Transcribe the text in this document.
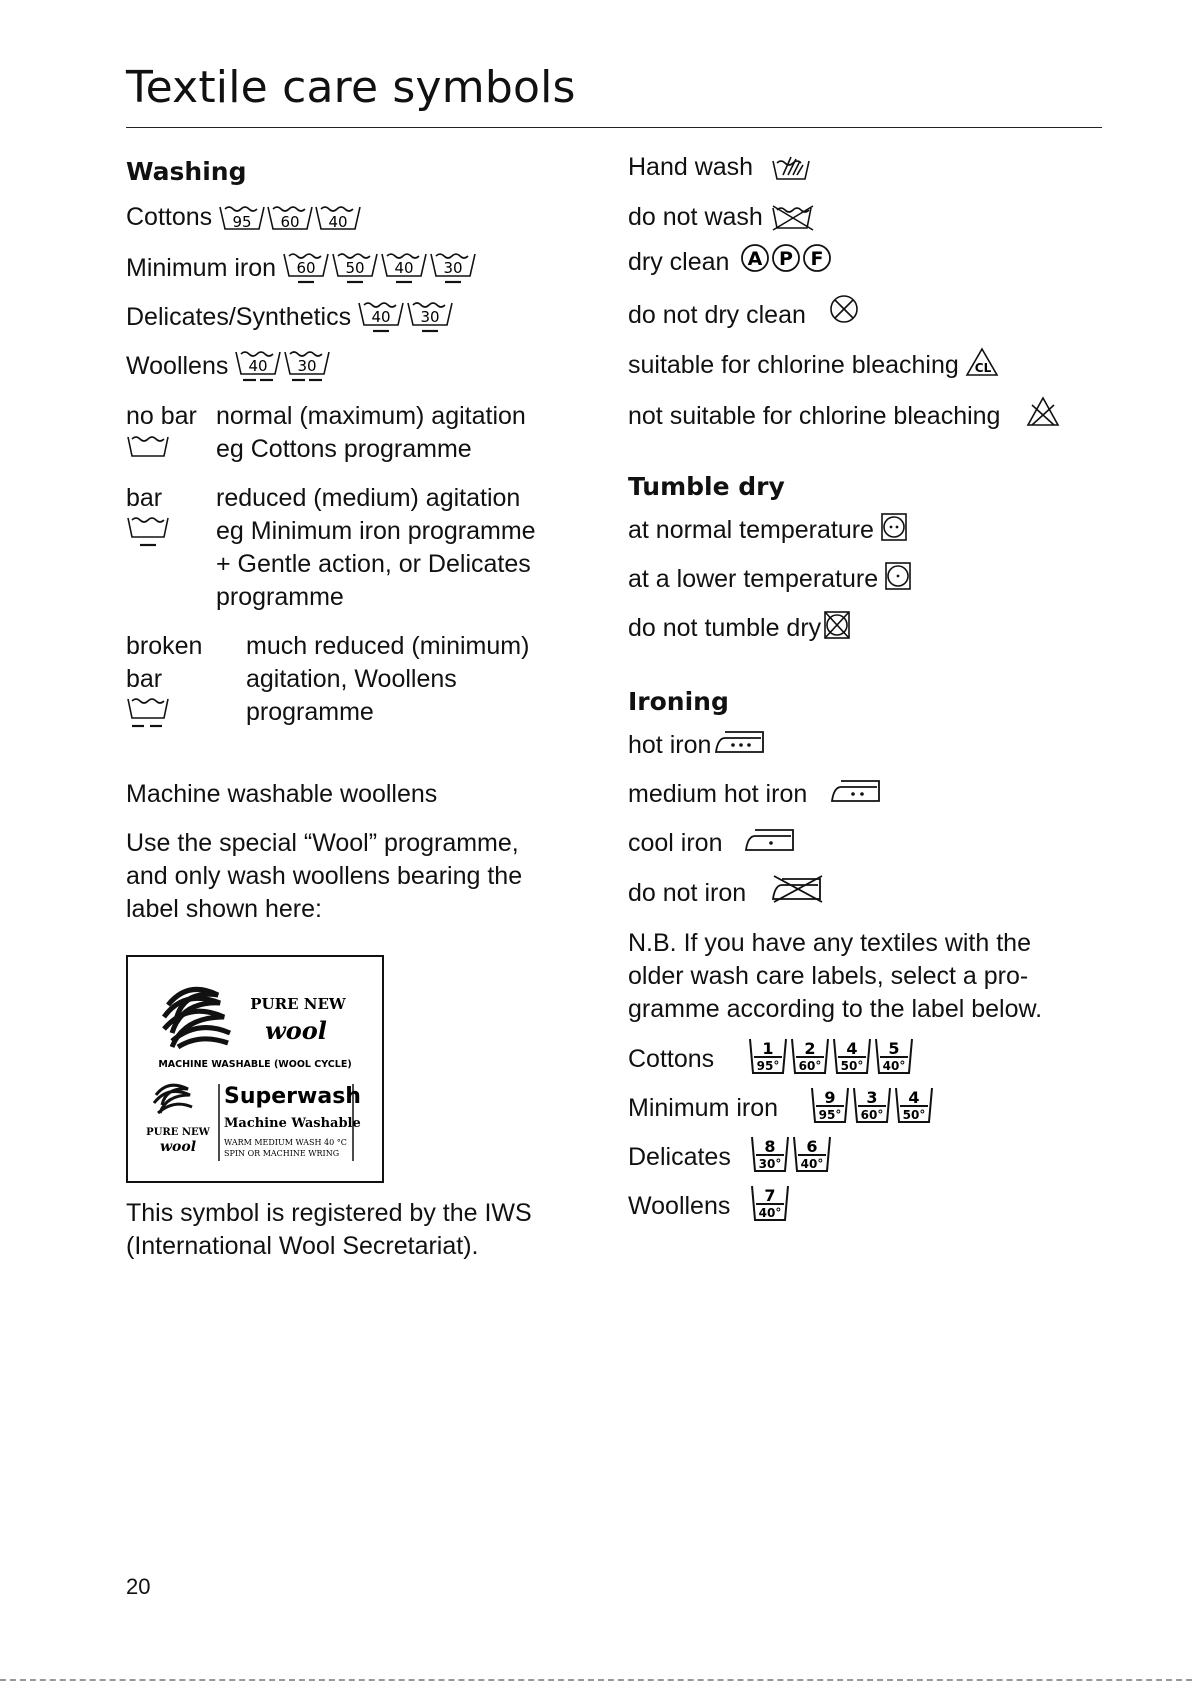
Textile care symbols
Washing
Cottons 95 60 40
Minimum iron 60 50 40 30
Delicates/Synthetics 40 30
Woollens 40 30
no bar normal (maximum) agitation
eg Cottons programme
bar reduced (medium) agitation
eg Minimum iron programme
+ Gentle action, or Delicates
programme
broken
bar
much reduced (minimum)
agitation, Woollens
programme
Machine washable woollens
Use the special “Wool” programme,
and only wash woollens bearing the
label shown here:
PURE NEW
wool
MACHINE WASHABLE (WOOL CYCLE)
PURE NEW
wool
Superwash
Machine Washable
WARM MEDIUM WASH 40 °C
SPIN OR MACHINE WRING
This symbol is registered by the IWS
(International Wool Secretariat).
Hand wash
do not wash
dry clean A P F
do not dry clean
suitable for chlorine bleaching CL
not suitable for chlorine bleaching
Tumble dry
at normal temperature
at a lower temperature
do not tumble dry
Ironing
hot iron
medium hot iron
cool iron
do not iron
N.B. If you have any textiles with the
older wash care labels, select a pro-
gramme according to the label below.
Cottons	1
95°
2
60°
4
50°
5
40°
Minimum iron	9
95°
3
60°
4
50°
Delicates 8
30°
6
40°
Woollens 7
40°
20
